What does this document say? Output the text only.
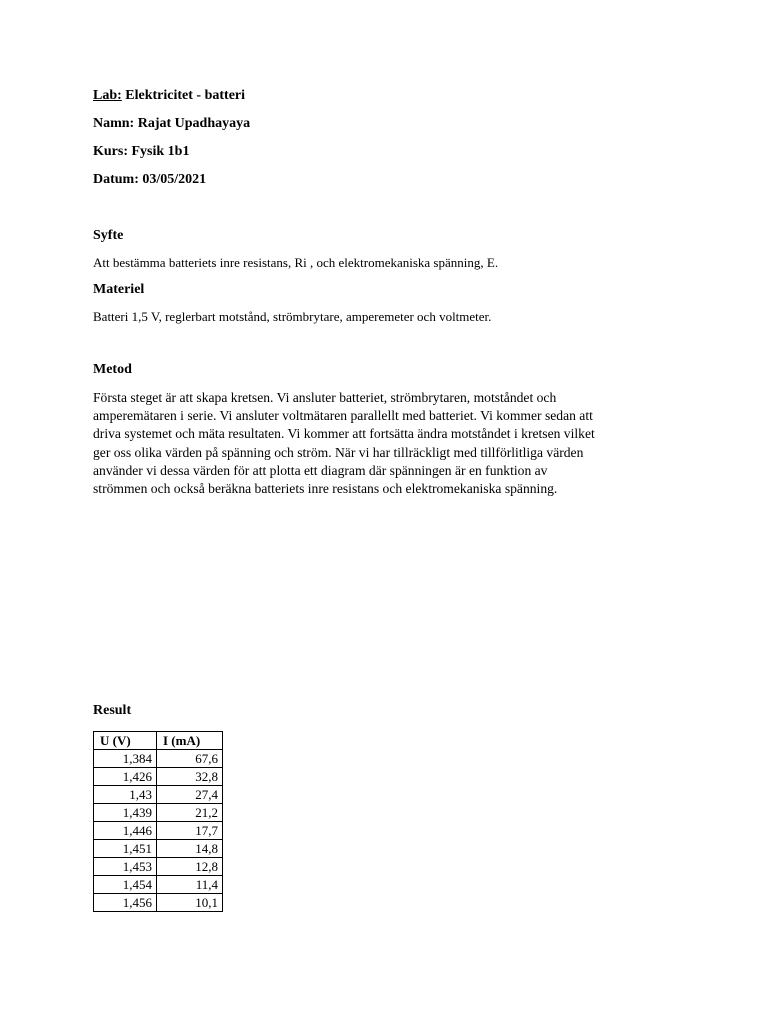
Lab: Elektricitet - batteri
Namn: Rajat Upadhayaya
Kurs: Fysik 1b1
Datum: 03/05/2021
Syfte
Att bestämma batteriets inre resistans, Ri , och elektromekaniska spänning, E.
Materiel
Batteri 1,5 V, reglerbart motstånd, strömbrytare, amperemeter och voltmeter.
Metod
Första steget är att skapa kretsen. Vi ansluter batteriet, strömbrytaren, motståndet och
amperemätaren i serie. Vi ansluter voltmätaren parallellt med batteriet. Vi kommer sedan att
driva systemet och mäta resultaten. Vi kommer att fortsätta ändra motståndet i kretsen vilket
ger oss olika värden på spänning och ström. När vi har tillräckligt med tillförlitliga värden
använder vi dessa värden för att plotta ett diagram där spänningen är en funktion av
strömmen och också beräkna batteriets inre resistans och elektromekaniska spänning.
Result
U (V)	I (mA)
1,384	67,6
1,426	32,8
1,43	27,4
1,439	21,2
1,446	17,7
1,451	14,8
1,453	12,8
1,454	11,4
1,456	10,1
